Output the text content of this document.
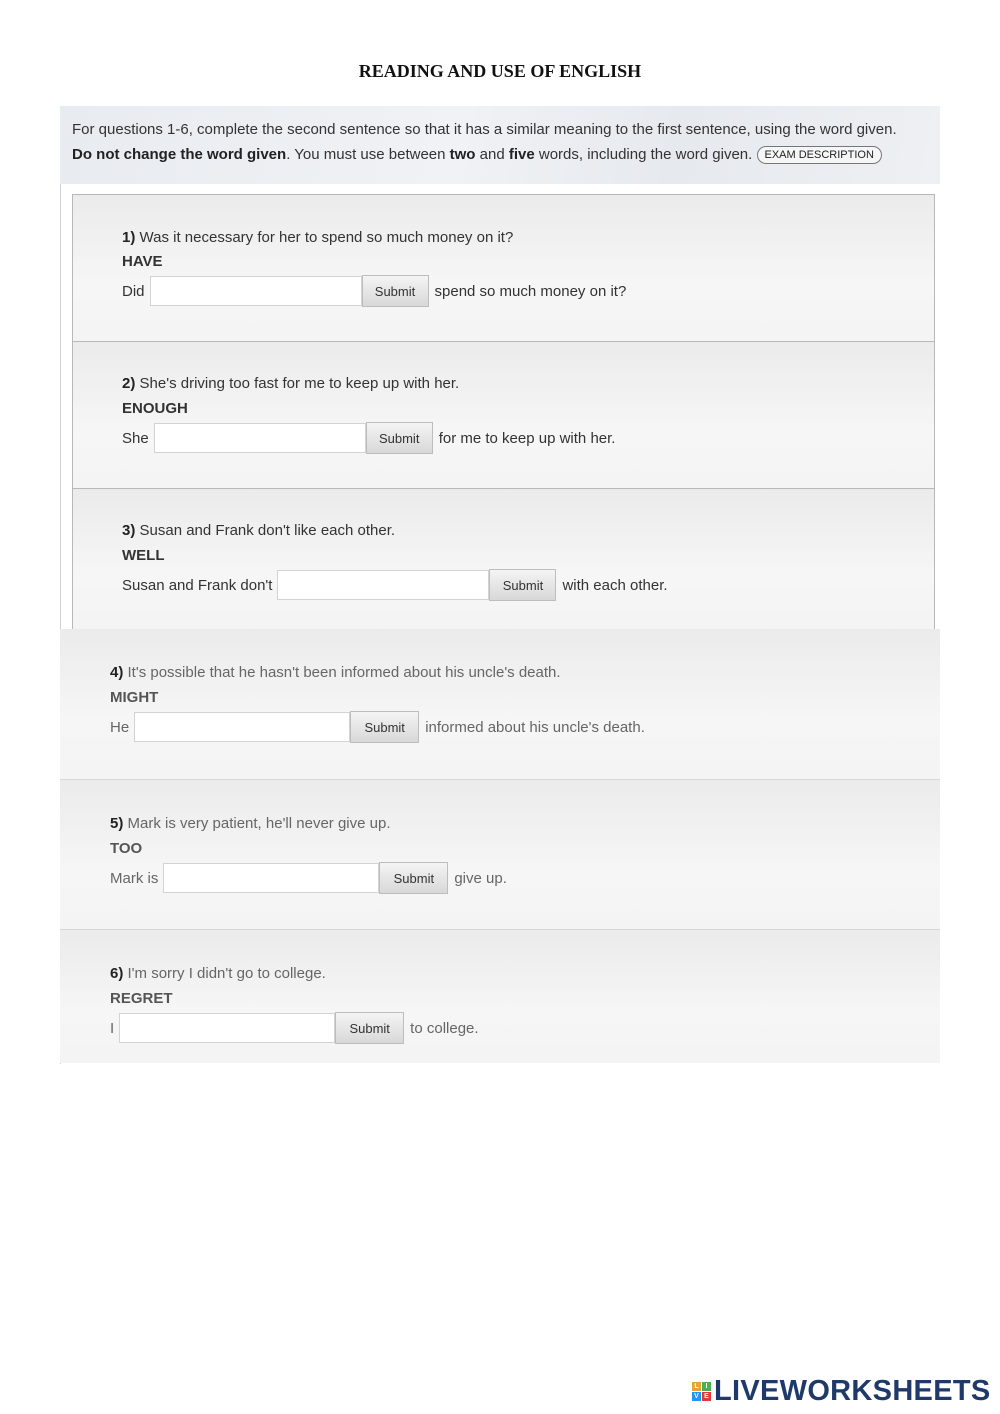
READING AND USE OF ENGLISH
For questions 1-6, complete the second sentence so that it has a similar meaning to the first sentence, using the word given.
Do not change the word given. You must use between two and five words, including the word given. EXAM DESCRIPTION
1) Was it necessary for her to spend so much money on it?
HAVE
Did	Submit	spend so much money on it?
2) She's driving too fast for me to keep up with her.
ENOUGH
She	Submit	for me to keep up with her.
3) Susan and Frank don't like each other.
WELL
Susan and Frank don't	Submit	with each other.
4) It's possible that he hasn't been informed about his uncle's death.
MIGHT
He	Submit	informed about his uncle's death.
5) Mark is very patient, he'll never give up.
TOO
Mark is	Submit	give up.
6) I'm sorry I didn't go to college.
REGRET
I	Submit	to college.
L I
V E LIVEWORKSHEETS
